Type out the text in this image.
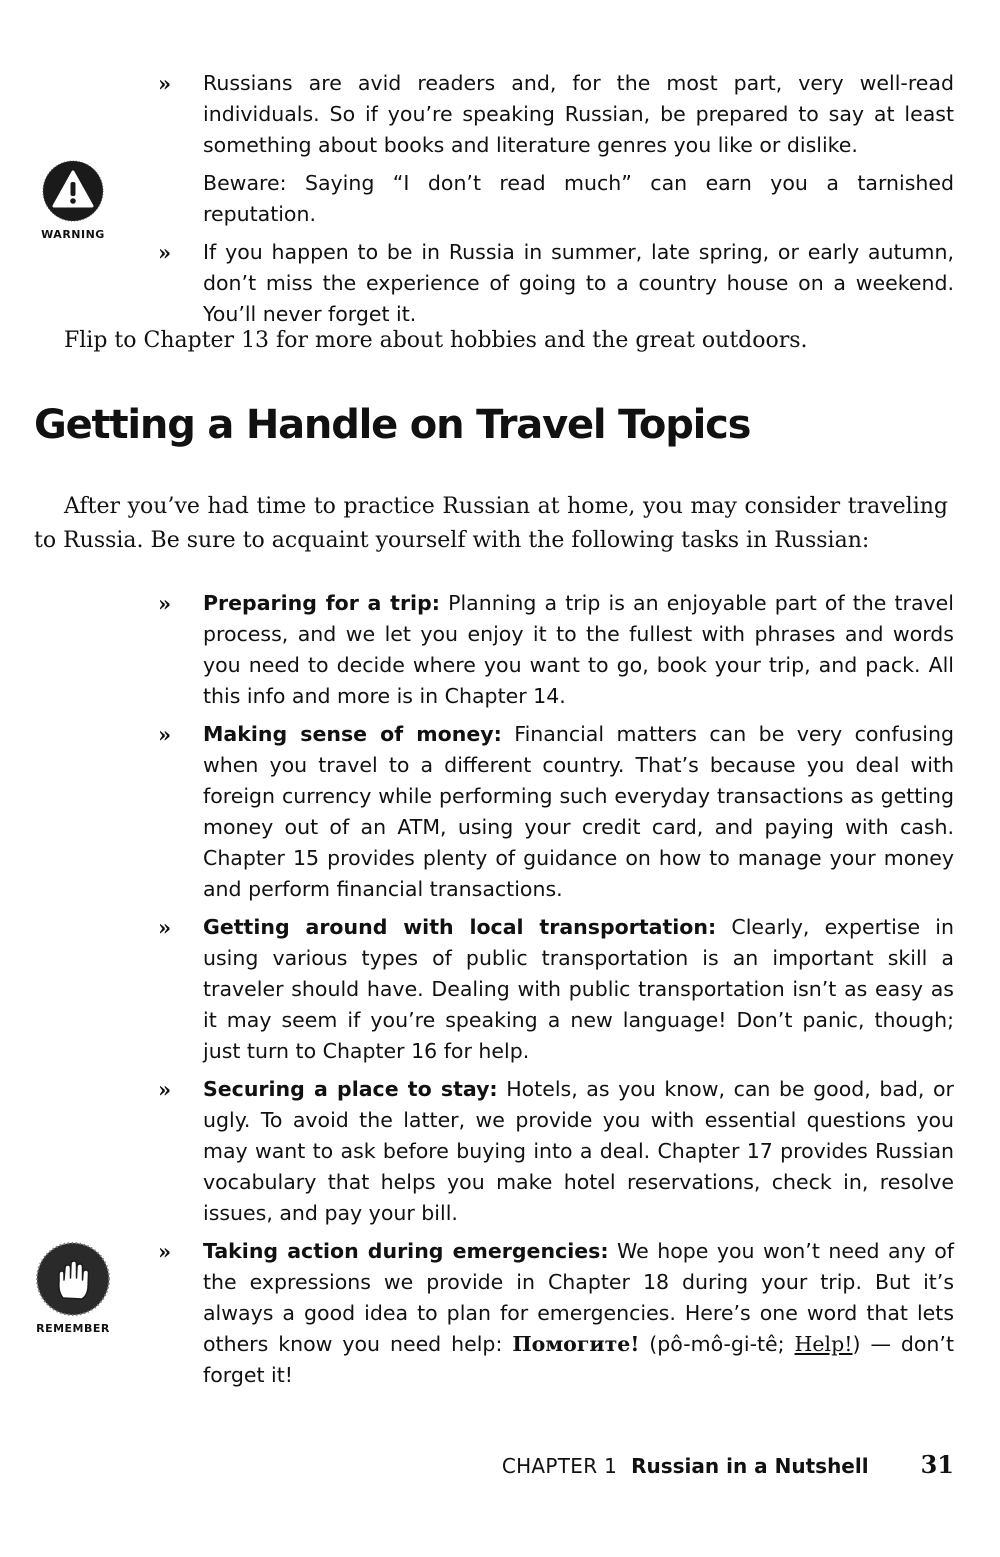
WARNING
» Russians are avid readers and, for the most part, very well-read individuals. So if you’re speaking Russian, be prepared to say at least something about books and literature genres you like or dislike.

Beware: Saying “I don’t read much” can earn you a tarnished reputation.

» If you happen to be in Russia in summer, late spring, or early autumn, don’t miss the experience of going to a country house on a weekend. You’ll never forget it.

Flip to Chapter 13 for more about hobbies and the great outdoors.
Getting a Handle on Travel Topics
After you’ve had time to practice Russian at home, you may consider traveling to Russia. Be sure to acquaint yourself with the following tasks in Russian:
» Preparing for a trip: Planning a trip is an enjoyable part of the travel process, and we let you enjoy it to the fullest with phrases and words you need to decide where you want to go, book your trip, and pack. All this info and more is in Chapter 14.

» Making sense of money: Financial matters can be very confusing when you travel to a different country. That’s because you deal with foreign currency while performing such everyday transactions as getting money out of an ATM, using your credit card, and paying with cash. Chapter 15 provides plenty of guidance on how to manage your money and perform financial transactions.

» Getting around with local transportation: Clearly, expertise in using various types of public transportation is an important skill a traveler should have. Dealing with public transportation isn’t as easy as it may seem if you’re speaking a new language! Don’t panic, though; just turn to Chapter 16 for help.

» Securing a place to stay: Hotels, as you know, can be good, bad, or ugly. To avoid the latter, we provide you with essential questions you may want to ask before buying into a deal. Chapter 17 provides Russian vocabulary that helps you make hotel reservations, check in, resolve issues, and pay your bill.

» Taking action during emergencies: We hope you won’t need any of the expressions we provide in Chapter 18 during your trip. But it’s always a good idea to plan for emergencies. Here’s one word that lets others know you need help: Помогите! (pô-mô-gi-tê; Help!) — don’t forget it!

REMEMBER
CHAPTER 1 Russian in a Nutshell 31
